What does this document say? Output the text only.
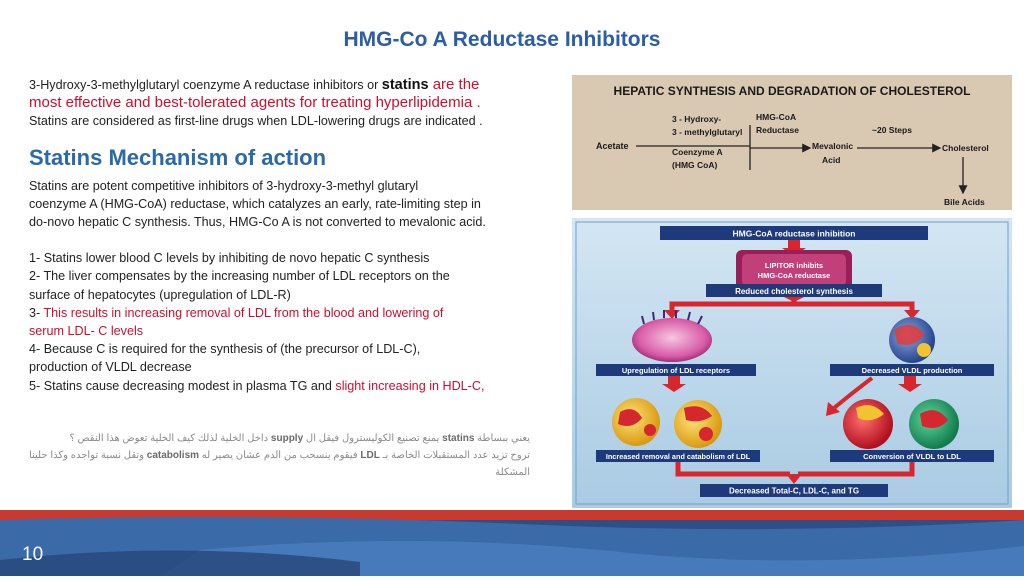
HMG-Co A Reductase Inhibitors
3-Hydroxy-3-methylglutaryl coenzyme A reductase inhibitors or statins are the
most effective and best-tolerated agents for treating hyperlipidemia .
Statins are considered as first-line drugs when LDL-lowering drugs are indicated .
Statins Mechanism of action
Statins are potent competitive inhibitors of 3-hydroxy-3-methyl glutaryl
coenzyme A (HMG-CoA) reductase, which catalyzes an early, rate-limiting step in
do-novo hepatic C synthesis. Thus, HMG-Co A is not converted to mevalonic acid.
1- Statins lower blood C levels by inhibiting de novo hepatic C synthesis
2- The liver compensates by the increasing number of LDL receptors on the
surface of hepatocytes (upregulation of LDL-R)
3- This results in increasing removal of LDL from the blood and lowering of
serum LDL- C levels
4- Because C is required for the synthesis of (the precursor of LDL-C),
production of VLDL decrease
5- Statins cause decreasing modest in plasma TG and slight increasing in HDL-C,
يعني ببساطة statins يمنع تصنيع الكوليسترول فيقل ال supply داخل الخلية لذلك كيف الخلية تعوض هذا النقص ؟
تروح تزيد عدد المستقبلات الخاصة بـ LDL فيقوم ينسحب من الدم عشان يصير له catabolism وتقل نسبة تواجده وكذا حلينا المشكلة
HEPATIC SYNTHESIS AND DEGRADATION OF CHOLESTEROL
Acetate
3 - Hydroxy-
3 - methylglutaryl
Coenzyme A
(HMG CoA)
HMG-CoA
Reductase
Mevalonic
Acid
~20 Steps
Cholesterol
Bile Acids
HMG-CoA reductase inhibition
LIPITOR inhibits
HMG-CoA reductase
Reduced cholesterol synthesis
Upregulation of LDL receptors	Decreased VLDL production
Increased removal and catabolism of LDL	Conversion of VLDL to LDL
Decreased Total-C, LDL-C, and TG
10
